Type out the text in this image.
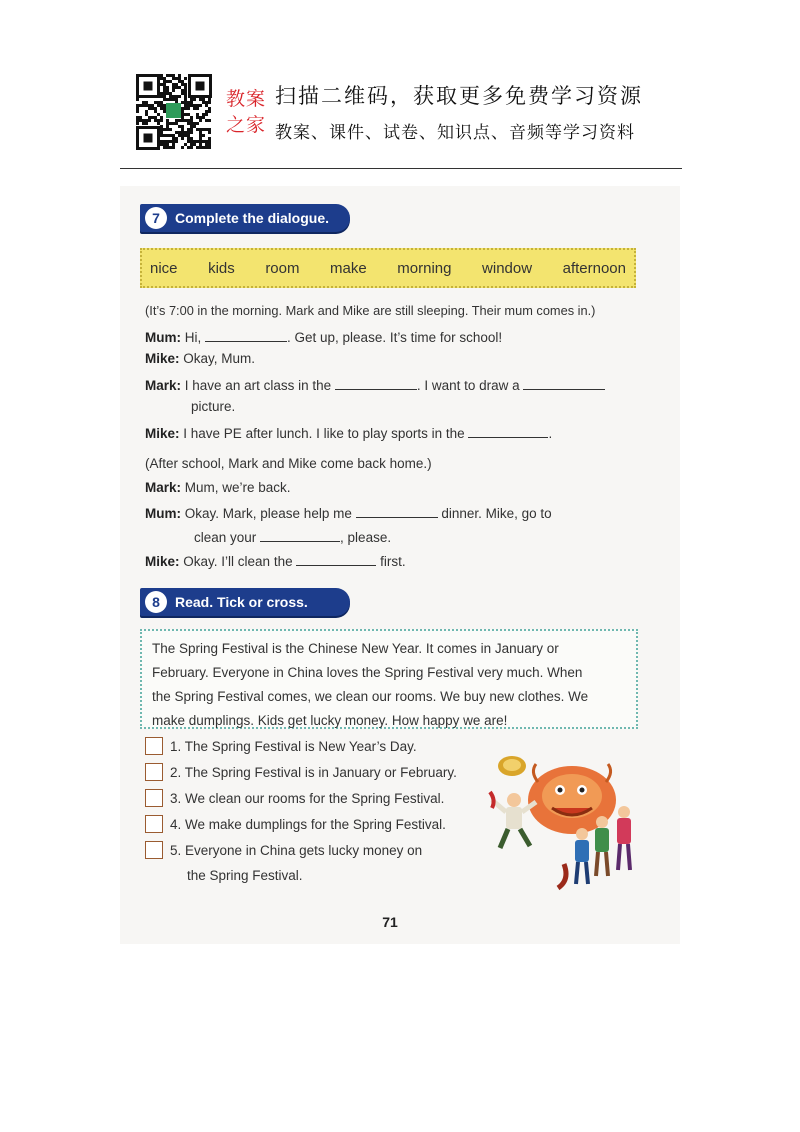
教案
之家
扫描二维码，获取更多免费学习资源
教案、课件、试卷、知识点、音频等学习资料
7	Complete the dialogue.
nice kids room make morning window afternoon
(It’s 7:00 in the morning. Mark and Mike are still sleeping. Their mum comes in.)
Mum: Hi,	. Get up, please. It’s time for school!
Mike: Okay, Mum.
Mark: I have an art class in the	. I want to draw a
picture.
Mike: I have PE after lunch. I like to play sports in the	.
(After school, Mark and Mike come back home.)
Mark: Mum, we’re back.
Mum: Okay. Mark, please help me	dinner. Mike, go to
clean your	, please.
Mike: Okay. I’ll clean the	first.
8	Read. Tick or cross.
The Spring Festival is the Chinese New Year. It comes in January or
February. Everyone in China loves the Spring Festival very much. When
the Spring Festival comes, we clean our rooms. We buy new clothes. We
make dumplings. Kids get lucky money. How happy we are!
1. The Spring Festival is New Year’s Day.
2. The Spring Festival is in January or February.
3. We clean our rooms for the Spring Festival.
4. We make dumplings for the Spring Festival.
5. Everyone in China gets lucky money on
the Spring Festival.
71
